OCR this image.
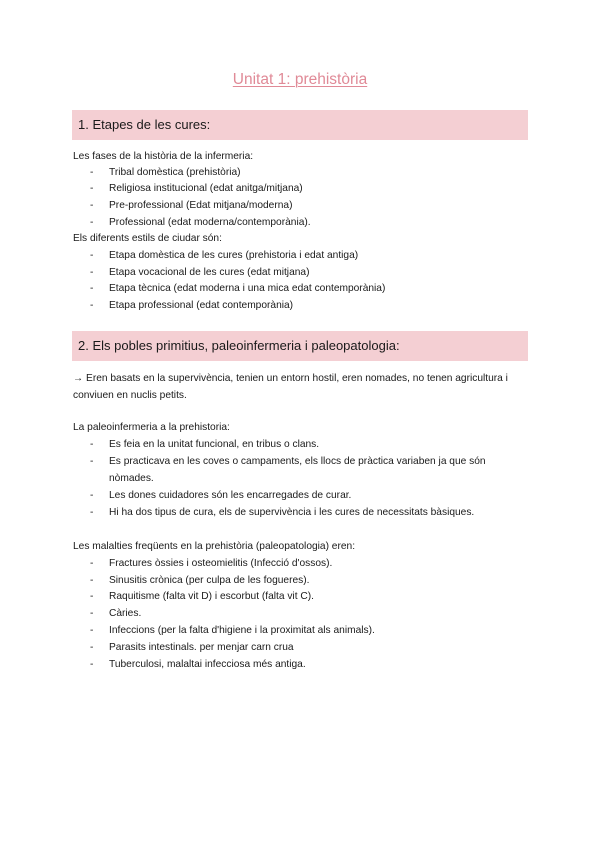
Unitat 1: prehistòria
1. Etapes de les cures:
Les fases de la història de la infermeria:
- Tribal domèstica (prehistòria)
- Religiosa institucional (edat anitga/mitjana)
- Pre-professional (Edat mitjana/moderna)
- Professional (edat moderna/contemporània).
Els diferents estils de ciudar són:
- Etapa domèstica de les cures (prehistoria i edat antiga)
- Etapa vocacional de les cures (edat mitjana)
- Etapa tècnica (edat moderna i una mica edat contemporània)
- Etapa professional (edat contemporània)
2. Els pobles primitius, paleoinfermeria i paleopatologia:
→ Eren basats en la supervivència, tenien un entorn hostil, eren nomades, no tenen agricultura i conviuen en nuclis petits.
La paleoinfermeria a la prehistoria:
- Es feia en la unitat funcional, en tribus o clans.
- Es practicava en les coves o campaments, els llocs de pràctica variaben ja que són nòmades.
- Les dones cuidadores són les encarregades de curar.
- Hi ha dos tipus de cura, els de supervivència i les cures de necessitats bàsiques.
Les malalties freqüents en la prehistòria (paleopatologia) eren:
- Fractures òssies i osteomielitis (Infecció d'ossos).
- Sinusitis crònica (per culpa de les fogueres).
- Raquitisme (falta vit D) i escorbut (falta vit C).
- Càries.
- Infeccions (per la falta d'higiene i la proximitat als animals).
- Parasits intestinals. per menjar carn crua
- Tuberculosi, malaltai infecciosa més antiga.
